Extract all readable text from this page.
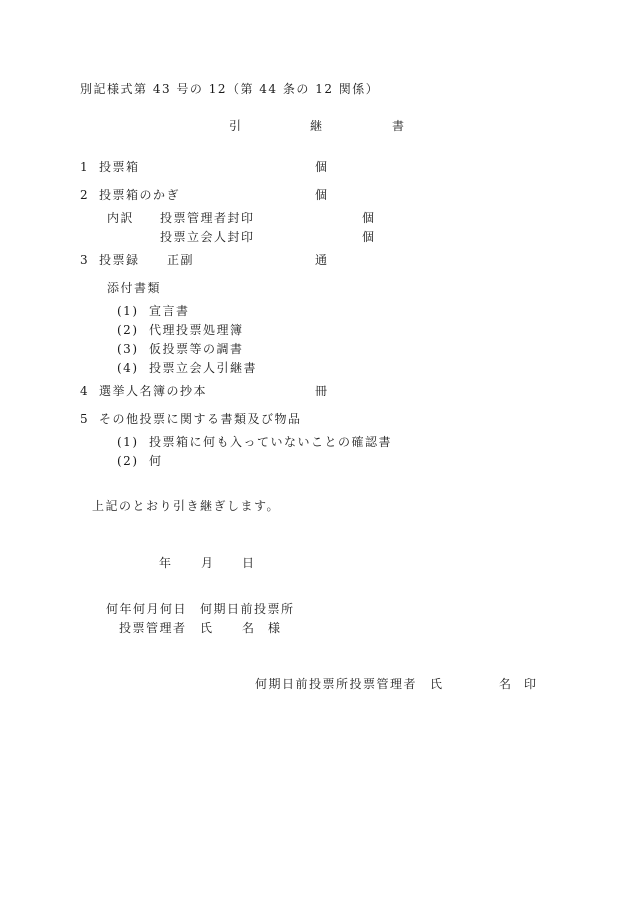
別記様式第 43 号の 12（第 44 条の 12 関係）
引	継	書
1 投票箱	個
2 投票箱のかぎ	個
内訳 投票管理者封印	個
投票立会人封印	個
3 投票録 正副	通
添付書類
(1) 宣言書
(2) 代理投票処理簿
(3) 仮投票等の調書
(4) 投票立会人引継書
4 選挙人名簿の抄本	冊
5 その他投票に関する書類及び物品
(1) 投票箱に何も入っていないことの確認書
(2) 何
上記のとおり引き継ぎします。
年 月 日
何年何月何日 何期日前投票所
投票管理者 氏 名 様
何期日前投票所投票管理者 氏	名 印
